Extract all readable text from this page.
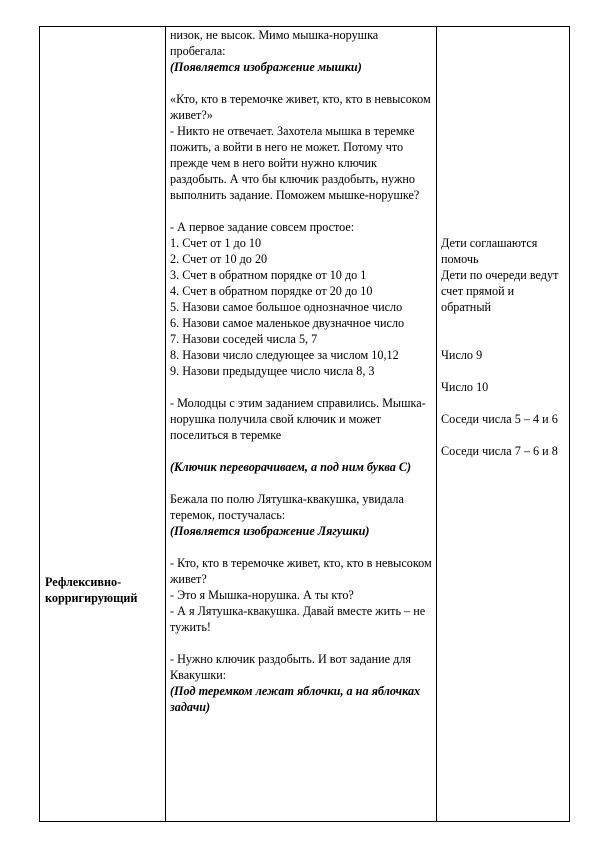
Рефлексивно-корригирующий
низок, не высок. Мимо мышка-норушка пробегала:
(Появляется изображение мышки)
«Кто, кто в теремочке живет, кто, кто в невысоком живет?»
- Никто не отвечает. Захотела мышка в теремке пожить, а войти в него не может. Потому что прежде чем в него войти нужно ключик раздобыть. А что бы ключик раздобыть, нужно выполнить задание. Поможем мышке-норушке?
- А первое задание совсем простое:
1. Счет от 1 до 10
2. Счет от 10 до 20
3. Счет в обратном порядке от 10 до 1
4. Счет в обратном порядке от 20 до 10
5. Назови самое большое однозначное число
6. Назови самое маленькое двузначное число
7. Назови соседей числа 5, 7
8. Назови число следующее за числом 10,12
9. Назови предыдущее число числа 8, 3
- Молодцы с этим заданием справились. Мышка-норушка получила свой ключик и может поселиться в теремке
(Ключик переворачиваем, а под ним буква С)
Бежала по полю Лятушка-квакушка, увидала теремок, постучалась:
(Появляется изображение Лягушки)
- Кто, кто в теремочке живет, кто, кто в невысоком живет?
- Это я Мышка-норушка. А ты кто?
- А я Лятушка-квакушка. Давай вместе жить – не тужить!
- Нужно ключик раздобыть. И вот задание для Квакушки:
(Под теремком лежат яблочки, а на яблочках задачи)
Дети соглашаются помочь
Дети по очереди ведут счет прямой и обратный
Число 9
Число 10
Соседи числа 5 – 4 и 6
Соседи числа 7 – 6 и 8
